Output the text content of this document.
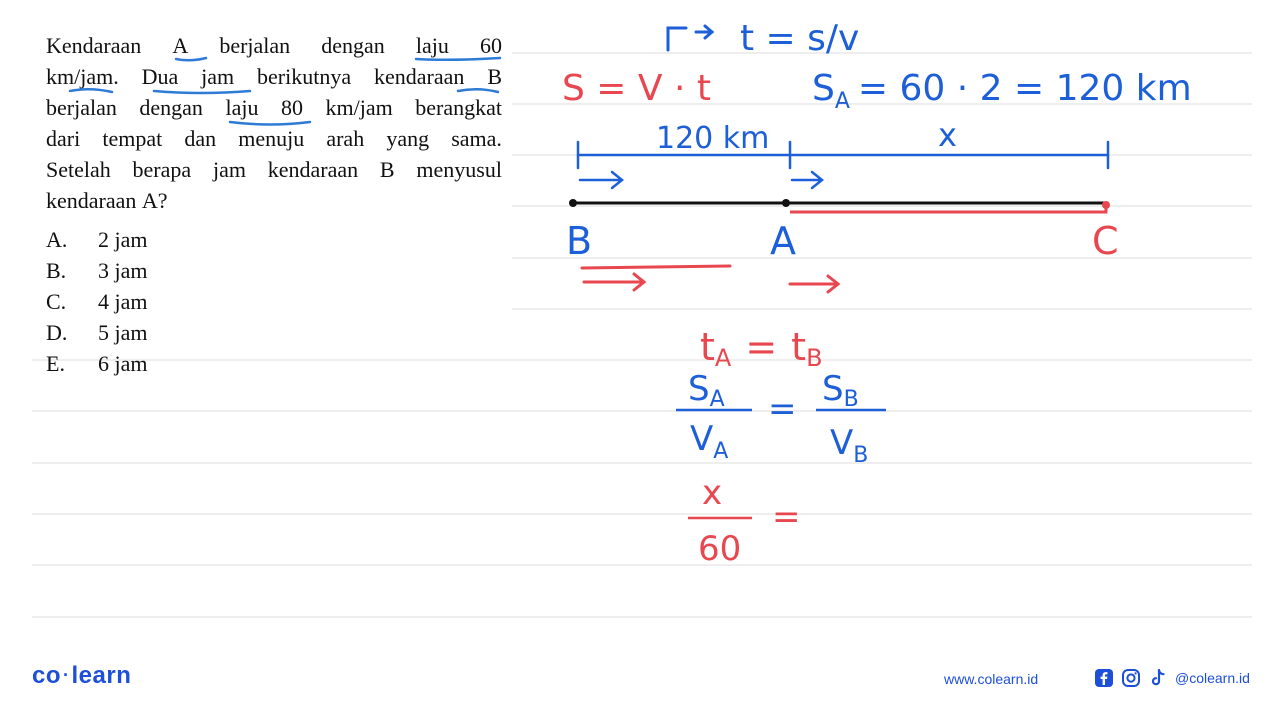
Kendaraan A berjalan dengan laju 60
km/jam. Dua jam berikutnya kendaraan B
berjalan dengan laju 80 km/jam berangkat
dari tempat dan menuju arah yang sama.
Setelah berapa jam kendaraan B menyusul
kendaraan
A?
A.	2 jam
B.	3 jam
C.	4 jam
D.	5 jam
E.	6 jam
t = s/v
S = V · t	$S_A = 60 \cdot 2 = 120$ km
120 km	x
B	A	C
tA = tB
SA
$V_A$
= SB
$V_B$
x
60
=
co ·learn	www.colearn.id	@colearn.id
